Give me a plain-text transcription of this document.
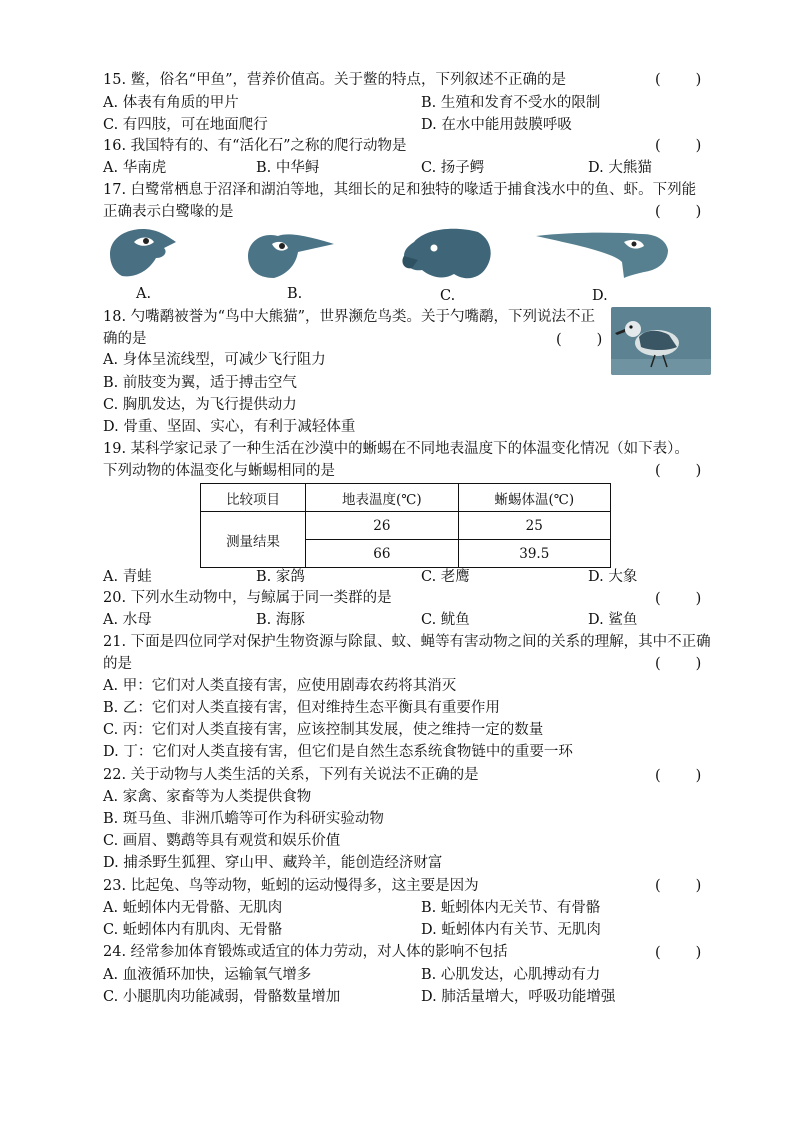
15. 鳖，俗名“甲鱼”，营养价值高。关于鳖的特点，下列叙述不正确的是	(　　)
A. 体表有角质的甲片	B. 生殖和发育不受水的限制
C. 有四肢，可在地面爬行	D. 在水中能用鼓膜呼吸
16. 我国特有的、有“活化石”之称的爬行动物是	(　　)
A. 华南虎	B. 中华鲟	C. 扬子鳄	D. 大熊猫
17. 白鹭常栖息于沼泽和湖泊等地，其细长的足和独特的喙适于捕食浅水中的鱼、虾。下列能
正确表示白鹭喙的是	(　　)
A.	B.	C.	D.
18. 勺嘴鹬被誉为“鸟中大熊猫”，世界濒危鸟类。关于勺嘴鹬，下列说法不正
确的是	(　　)
A. 身体呈流线型，可减少飞行阻力
B. 前肢变为翼，适于搏击空气
C. 胸肌发达，为飞行提供动力
D. 骨重、坚固、实心，有利于减轻体重
19. 某科学家记录了一种生活在沙漠中的蜥蜴在不同地表温度下的体温变化情况（如下表）。
下列动物的体温变化与蜥蜴相同的是	(　　)
比较项目	地表温度(℃)	蜥蜴体温(℃)
测量结果	26	25
	66	39.5
A. 青蛙	B. 家鸽	C. 老鹰	D. 大象
20. 下列水生动物中，与鲸属于同一类群的是	(　　)
A. 水母	B. 海豚	C. 鱿鱼	D. 鲨鱼
21. 下面是四位同学对保护生物资源与除鼠、蚊、蝇等有害动物之间的关系的理解，其中不正确
的是	(　　)
A. 甲：它们对人类直接有害，应使用剧毒农药将其消灭
B. 乙：它们对人类直接有害，但对维持生态平衡具有重要作用
C. 丙：它们对人类直接有害，应该控制其发展，使之维持一定的数量
D. 丁：它们对人类直接有害，但它们是自然生态系统食物链中的重要一环
22. 关于动物与人类生活的关系，下列有关说法不正确的是	(　　)
A. 家禽、家畜等为人类提供食物
B. 斑马鱼、非洲爪蟾等可作为科研实验动物
C. 画眉、鹦鹉等具有观赏和娱乐价值
D. 捕杀野生狐狸、穿山甲、藏羚羊，能创造经济财富
23. 比起兔、鸟等动物，蚯蚓的运动慢得多，这主要是因为	(　　)
A. 蚯蚓体内无骨骼、无肌肉	B. 蚯蚓体内无关节、有骨骼
C. 蚯蚓体内有肌肉、无骨骼	D. 蚯蚓体内有关节、无肌肉
24. 经常参加体育锻炼或适宜的体力劳动，对人体的影响不包括	(　　)
A. 血液循环加快，运输氧气增多	B. 心肌发达，心肌搏动有力
C. 小腿肌肉功能减弱，骨骼数量增加	D. 肺活量增大，呼吸功能增强
